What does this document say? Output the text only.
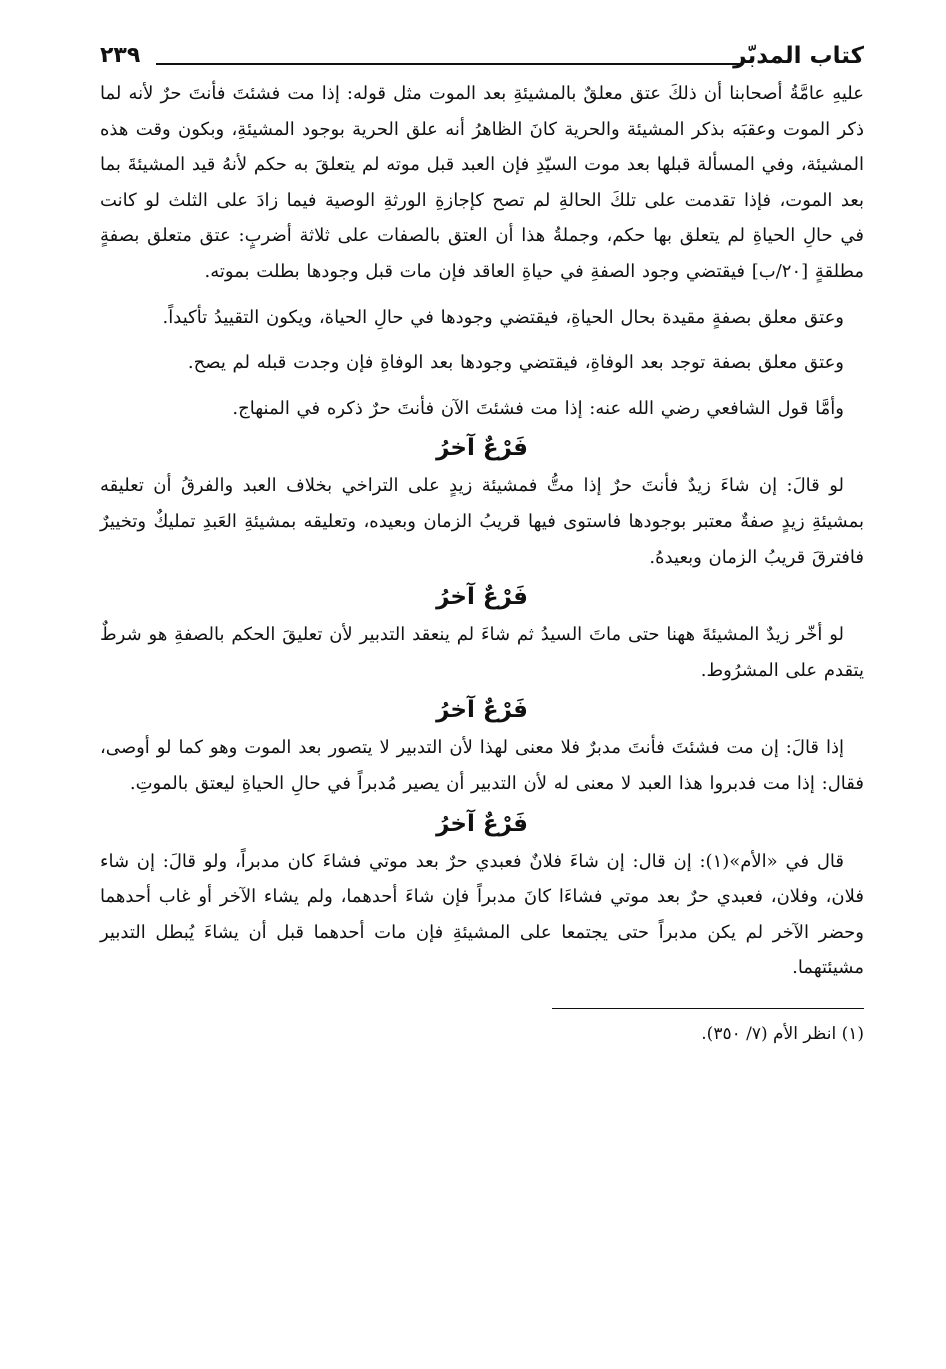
كتاب المدبّر
٢٣٩

عليهِ عامَّةُ أصحابنا أن ذلكَ عتق معلقٌ بالمشيئةِ بعد الموت مثل قوله: إذا مت فشئتَ فأنتَ حرٌ لأنه لما ذكر الموت وعقبَه بذكر المشيئة والحرية كانَ الظاهرُ أنه علق الحرية بوجود المشيئةِ، وبكون وقت هذه المشيئة، وفي المسألة قبلها بعد موت السيّدِ فإن العبد قبل موته لم يتعلقَ به حكم لأنهُ قيد المشيئةَ بما بعد الموت، فإذا تقدمت على تلكَ الحالةِ لم تصح كإجازةِ الورثةِ الوصية فيما زادَ على الثلث لو كانت في حالِ الحياةِ لم يتعلق بها حكم، وجملةُ هذا أن العتق بالصفات على ثلاثة أضربٍ: عتق متعلق بصفةٍ مطلقةٍ [٢٠/ب] فيقتضي وجود الصفةِ في حياةِ العاقد فإن مات قبل وجودها بطلت بموته.

وعتق معلق بصفةٍ مقيدة بحال الحياةِ، فيقتضي وجودها في حالِ الحياة، ويكون التقييدُ تأكيداً.

وعتق معلق بصفة توجد بعد الوفاةِ، فيقتضي وجودها بعد الوفاةِ فإن وجدت قبله لم يصح.

وأمَّا قول الشافعي رضي الله عنه: إذا مت فشئتَ الآن فأنتَ حرٌ ذكره في المنهاج.

فَرْعٌ آخرُ

لو قالَ: إن شاءَ زيدٌ فأنتَ حرٌ إذا متُّ فمشيئة زيدٍ على التراخي بخلاف العبد والفرقُ أن تعليقه بمشيئةِ زيدٍ صفةٌ معتبر بوجودها فاستوى فيها قريبُ الزمان وبعيده، وتعليقه بمشيئةِ العَبدِ تمليكٌ وتخييرٌ فافترقَ قريبُ الزمان وبعيدهُ.

فَرْعٌ آخرُ

لو أخّر زيدٌ المشيئةَ ههنا حتى ماتَ السيدُ ثم شاءَ لم ينعقد التدبير لأن تعليقَ الحكم بالصفةِ هو شرطٌ يتقدم على المشرُوط.

فَرْعٌ آخرُ

إذا قالَ: إن مت فشئتَ فأنتَ مدبرٌ فلا معنى لهذا لأن التدبير لا يتصور بعد الموت وهو كما لو أوصى، فقال: إذا مت فدبروا هذا العبد لا معنى له لأن التدبير أن يصير مُدبراً في حالِ الحياةِ ليعتق بالموتِ.

فَرْعٌ آخرُ

قال في «الأم»(١): إن قال: إن شاءَ فلانٌ فعبدي حرٌ بعد موتي فشاءَ كان مدبراً، ولو قالَ: إن شاء فلان، وفلان، فعبدي حرٌ بعد موتي فشاءَا كانَ مدبراً فإن شاءَ أحدهما، ولم يشاء الآخر أو غاب أحدهما وحضر الآخر لم يكن مدبراً حتى يجتمعا على المشيئةِ فإن مات أحدهما قبل أن يشاءَ يُبطل التدبير مشيئتهما.

(١) انظر الأم (٧/ ٣٥٠).
